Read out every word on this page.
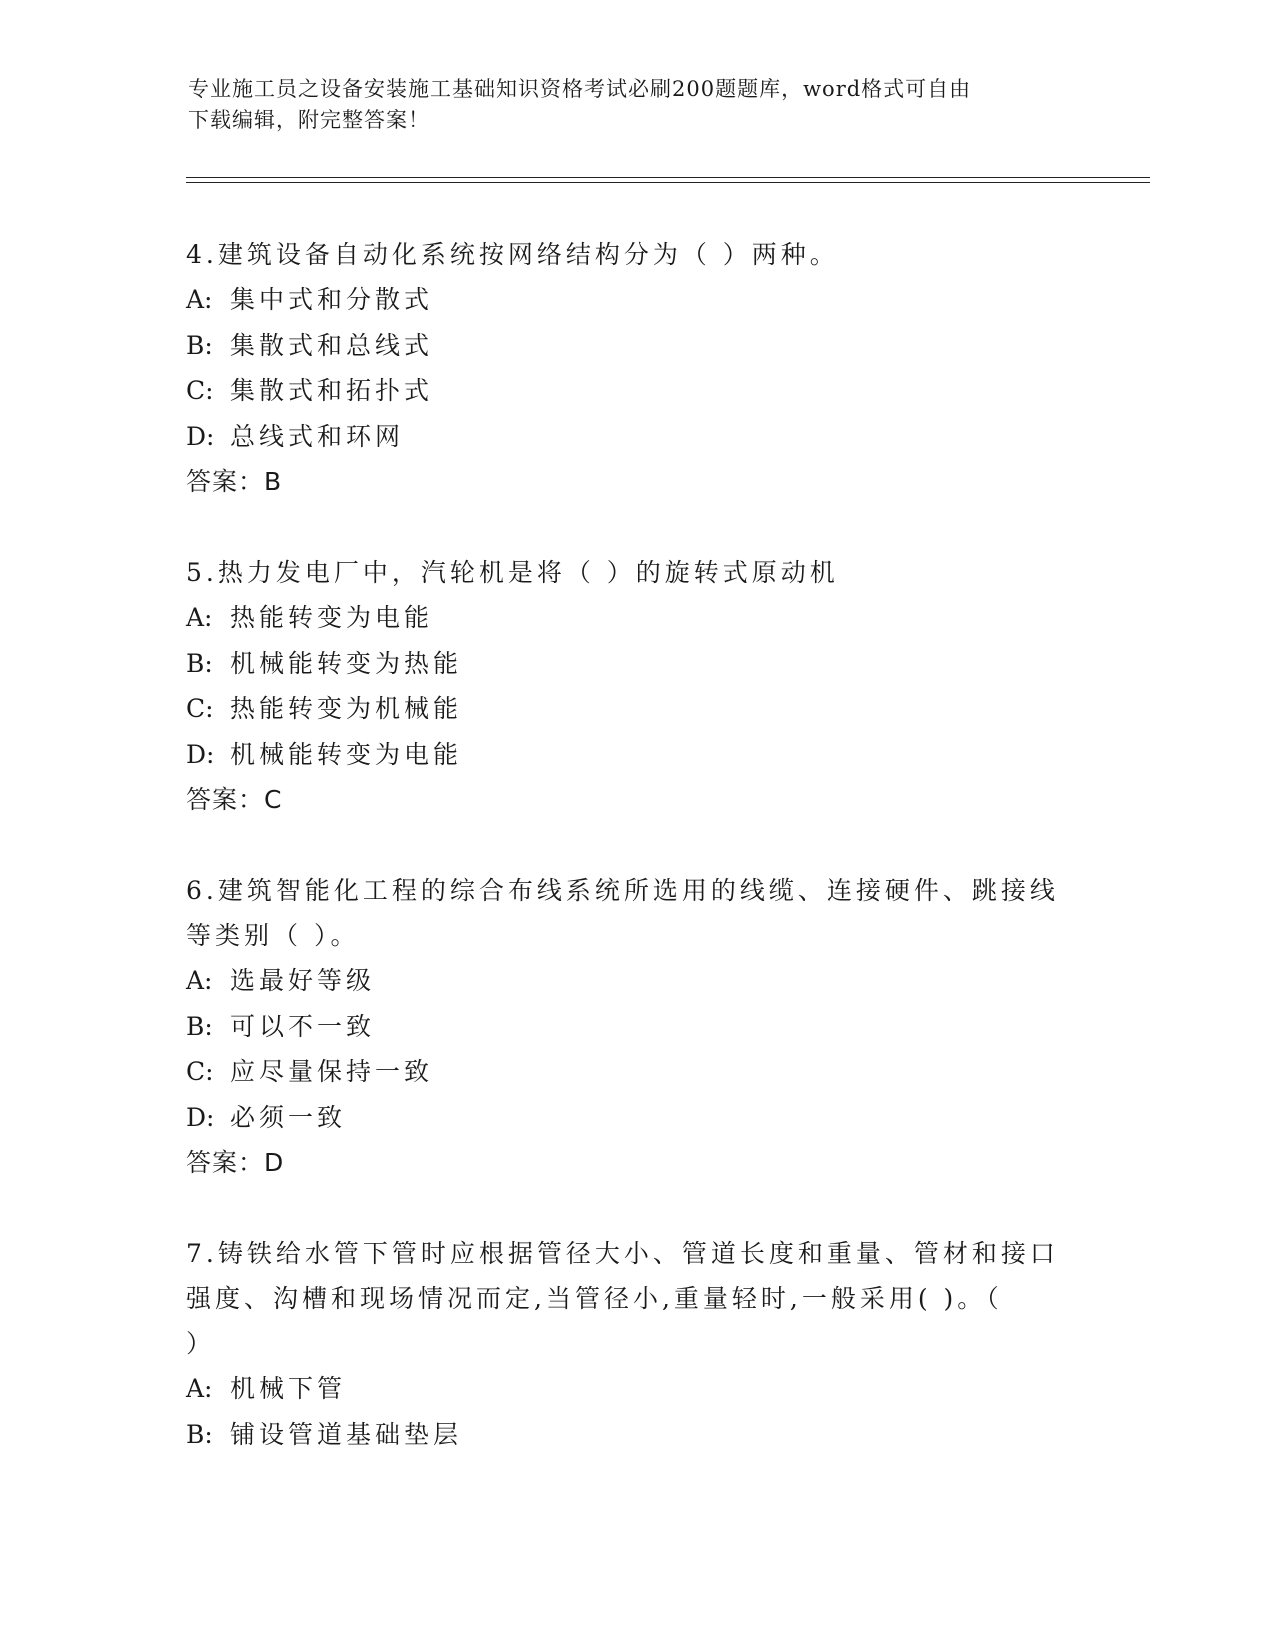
专业施工员之设备安装施工基础知识资格考试必刷200题题库，word格式可自由
下载编辑，附完整答案！
4.建筑设备自动化系统按网络结构分为（ ）两种。
A: 集中式和分散式
B: 集散式和总线式
C: 集散式和拓扑式
D: 总线式和环网
答案：B
5.热力发电厂中，汽轮机是将（ ）的旋转式原动机
A: 热能转变为电能
B: 机械能转变为热能
C: 热能转变为机械能
D: 机械能转变为电能
答案：C
6.建筑智能化工程的综合布线系统所选用的线缆、连接硬件、跳接线
等类别（ ）。
A: 选最好等级
B: 可以不一致
C: 应尽量保持一致
D: 必须一致
答案：D
7.铸铁给水管下管时应根据管径大小、管道长度和重量、管材和接口
强度、沟槽和现场情况而定,当管径小,重量轻时,一般采用( )。（
）
A: 机械下管
B: 铺设管道基础垫层
